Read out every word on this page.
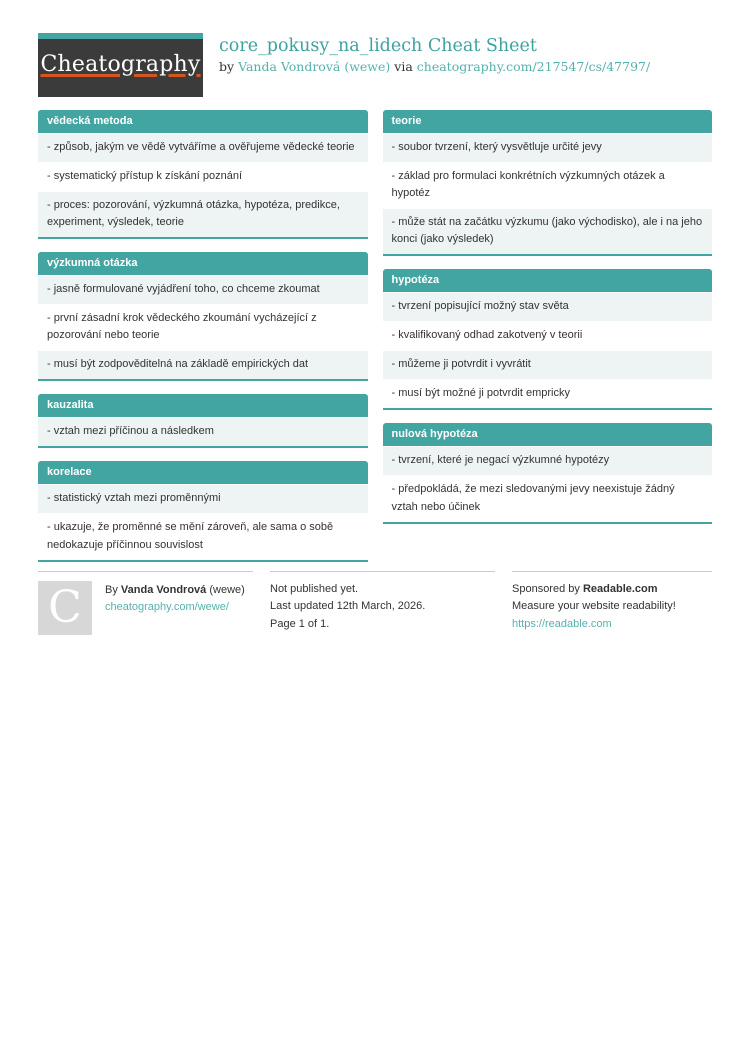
Cheatography
core_pokusy_na_lidech Cheat Sheet
by Vanda Vondrová (wewe) via cheatography.com/217547/cs/47797/
vědecká metoda
- způsob, jakým ve vědě vytváříme a ověřujeme vědecké teorie
- systematický přístup k získání poznání
- proces: pozorování, výzkumná otázka, hypotéza, predikce, experiment, výsledek, teorie
výzkumná otázka
- jasně formulované vyjádření toho, co chceme zkoumat
- první zásadní krok vědeckého zkoumání vycházející z pozorování nebo teorie
- musí být zodpověditelná na základě empirických dat
kauzalita
- vztah mezi příčinou a následkem
korelace
- statistický vztah mezi proměnnými
- ukazuje, že proměnné se mění zároveň, ale sama o sobě nedokazuje příčinnou souvislost
teorie
- soubor tvrzení, který vysvětluje určité jevy
- základ pro formulaci konkrétních výzkumných otázek a hypotéz
- může stát na začátku výzkumu (jako východisko), ale i na jeho konci (jako výsledek)
hypotéza
- tvrzení popisující možný stav světa
- kvalifikovaný odhad zakotvený v teorii
- můžeme ji potvrdit i vyvrátit
- musí být možné ji potvrdit empricky
nulová hypotéza
- tvrzení, které je negací výzkumné hypotézy
- předpokládá, že mezi sledovanými jevy neexistuje žádný vztah nebo účinek
C By Vanda Vondrová (wewe)
cheatography.com/wewe/
Not published yet.
Last updated 12th March, 2026.
Page 1 of 1.
Sponsored by Readable.com
Measure your website readability!
https://readable.com
